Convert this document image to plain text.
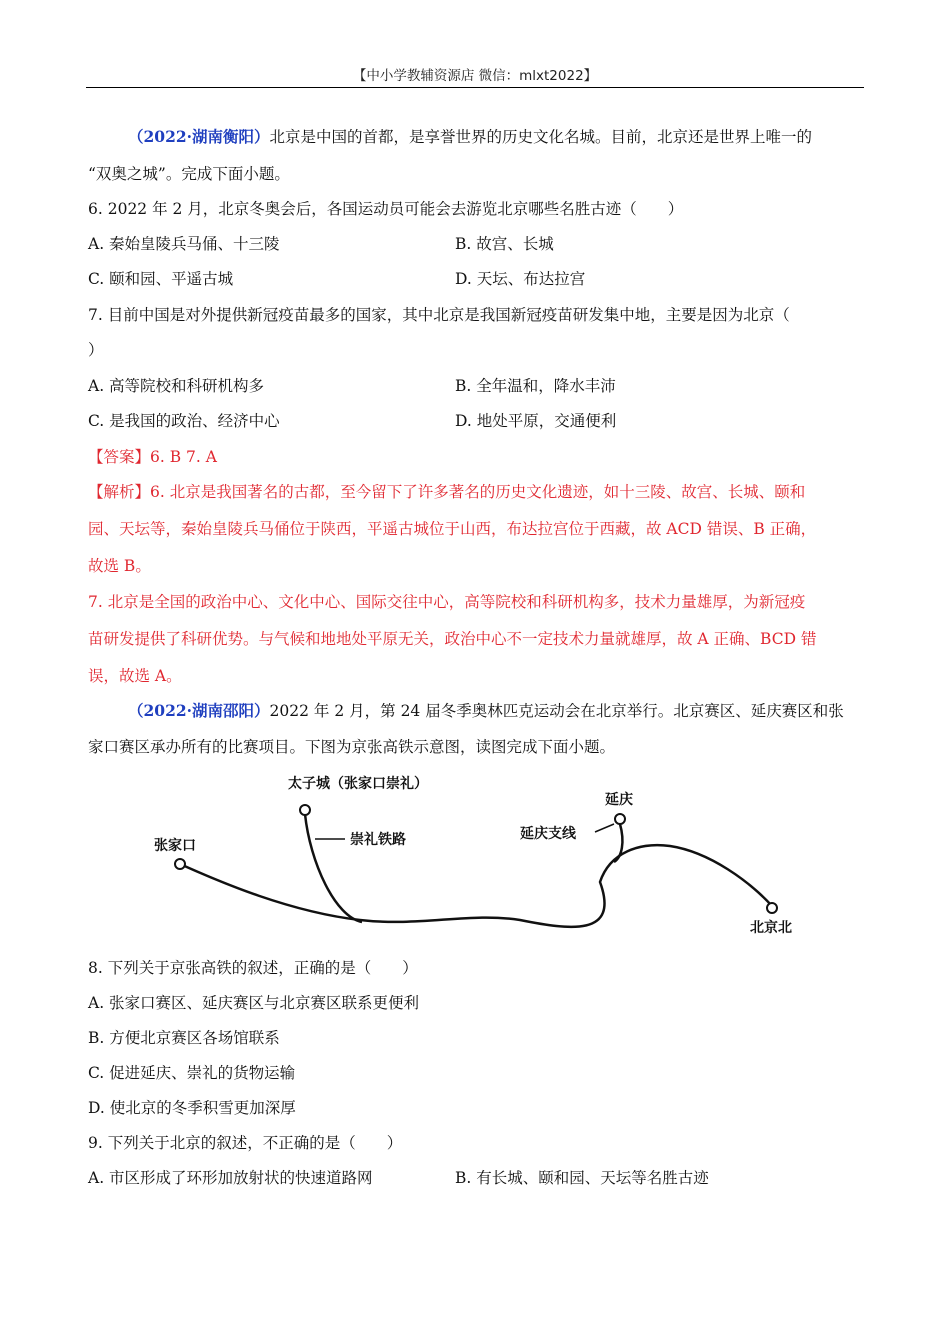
【中小学教辅资源店 微信：mlxt2022】
（2022·湖南衡阳）北京是中国的首都，是享誉世界的历史文化名城。目前，北京还是世界上唯一的
“双奥之城”。完成下面小题。
6. 2022 年 2 月，北京冬奥会后，各国运动员可能会去游览北京哪些名胜古迹（　　）
A. 秦始皇陵兵马俑、十三陵	B. 故宫、长城
C. 颐和园、平遥古城	D. 天坛、布达拉宫
7. 目前中国是对外提供新冠疫苗最多的国家，其中北京是我国新冠疫苗研发集中地，主要是因为北京（
）
A. 高等院校和科研机构多	B. 全年温和，降水丰沛
C. 是我国的政治、经济中心	D. 地处平原，交通便利
【答案】6. B 7. A
【解析】6. 北京是我国著名的古都，至今留下了许多著名的历史文化遗迹，如十三陵、故宫、长城、颐和
园、天坛等，秦始皇陵兵马俑位于陕西，平遥古城位于山西，布达拉宫位于西藏，故 ACD 错误、B 正确，
故选 B。
7. 北京是全国的政治中心、文化中心、国际交往中心，高等院校和科研机构多，技术力量雄厚，为新冠疫
苗研发提供了科研优势。与气候和地地处平原无关，政治中心不一定技术力量就雄厚，故 A 正确、BCD 错
误，故选 A。
（2022·湖南邵阳）2022 年 2 月，第 24 届冬季奥林匹克运动会在北京举行。北京赛区、延庆赛区和张
家口赛区承办所有的比赛项目。下图为京张高铁示意图，读图完成下面小题。
太子城（张家口崇礼）
崇礼铁路
延庆
延庆支线
张家口
北京北
8. 下列关于京张高铁的叙述，正确的是（　　）
A. 张家口赛区、延庆赛区与北京赛区联系更便利
B. 方便北京赛区各场馆联系
C. 促进延庆、崇礼的货物运输
D. 使北京的冬季积雪更加深厚
9. 下列关于北京的叙述，不正确的是（　　）
A. 市区形成了环形加放射状的快速道路网	B. 有长城、颐和园、天坛等名胜古迹
